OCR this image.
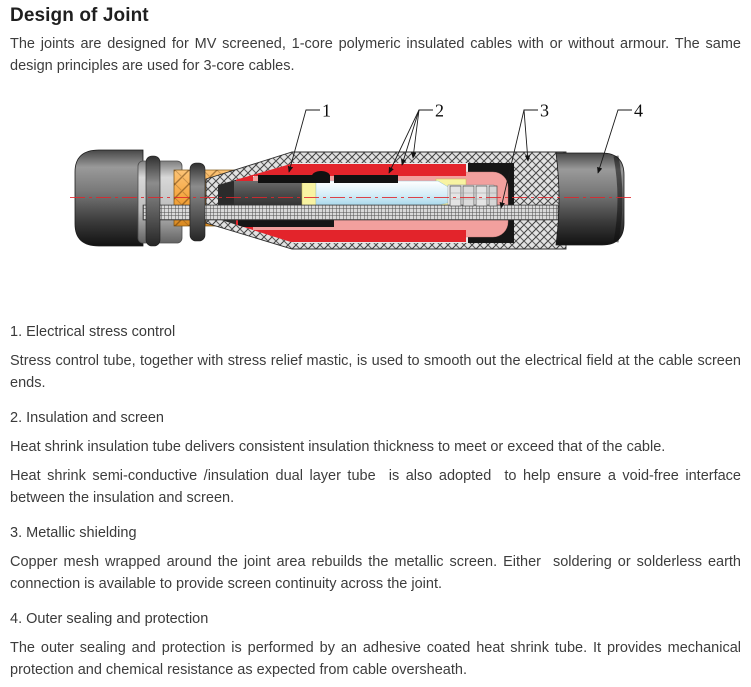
Design of Joint

The joints are designed for MV screened, 1-core polymeric insulated cables with or without armour. The same design principles are used for 3-core cables.

1	2	3	4

1. Electrical stress control

Stress control tube, together with stress relief mastic, is used to smooth out the electrical field at the cable screen ends.

2. Insulation and screen

Heat shrink insulation tube delivers consistent insulation thickness to meet or exceed that of the cable.

Heat shrink semi-conductive /insulation dual layer tube  is also adopted  to help ensure a void-free interface between the insulation and screen.

3. Metallic shielding

Copper mesh wrapped around the joint area rebuilds the metallic screen. Either  soldering or solderless earth connection is available to provide screen continuity across the joint.

4. Outer sealing and protection

The outer sealing and protection is performed by an adhesive coated heat shrink tube. It provides mechanical protection and chemical resistance as expected from cable oversheath.
